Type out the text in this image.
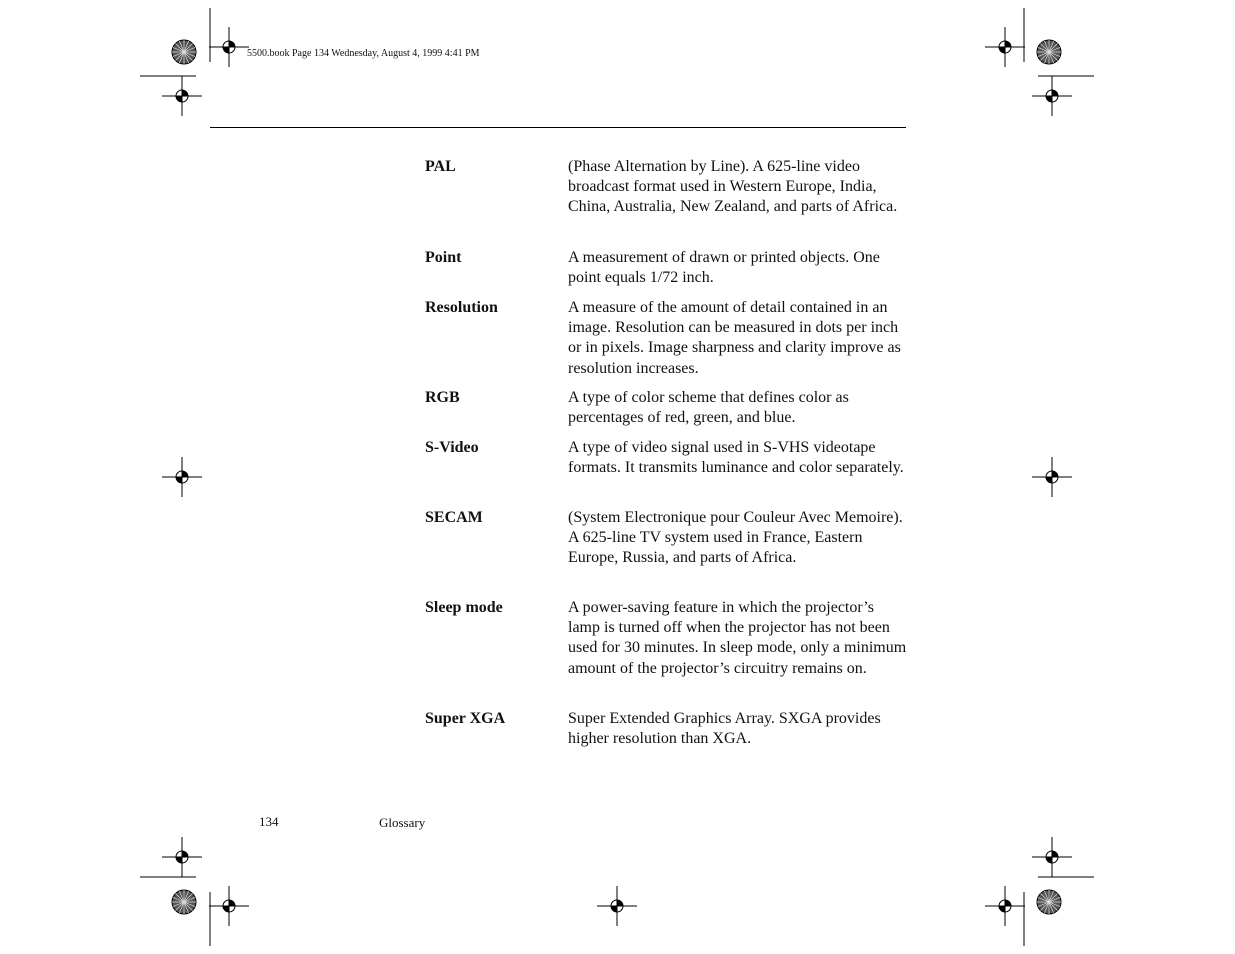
5500.book Page 134 Wednesday, August 4, 1999 4:41 PM
PAL	(Phase Alternation by Line). A 625-line video broadcast format used in Western Europe, India, China, Australia, New Zealand, and parts of Africa.
Point	A measurement of drawn or printed objects. One point equals 1/72 inch.
Resolution	A measure of the amount of detail contained in an image. Resolution can be measured in dots per inch or in pixels. Image sharpness and clarity improve as resolution increases.
RGB	A type of color scheme that defines color as percentages of red, green, and blue.
S-Video	A type of video signal used in S-VHS videotape formats. It transmits luminance and color separately.
SECAM	(System Electronique pour Couleur Avec Memoire). A 625-line TV system used in France, Eastern Europe, Russia, and parts of Africa.
Sleep mode	A power-saving feature in which the projector’s lamp is turned off when the projector has not been used for 30 minutes. In sleep mode, only a minimum amount of the projector’s circuitry remains on.
Super XGA	Super Extended Graphics Array. SXGA provides higher resolution than XGA.
134	Glossary
